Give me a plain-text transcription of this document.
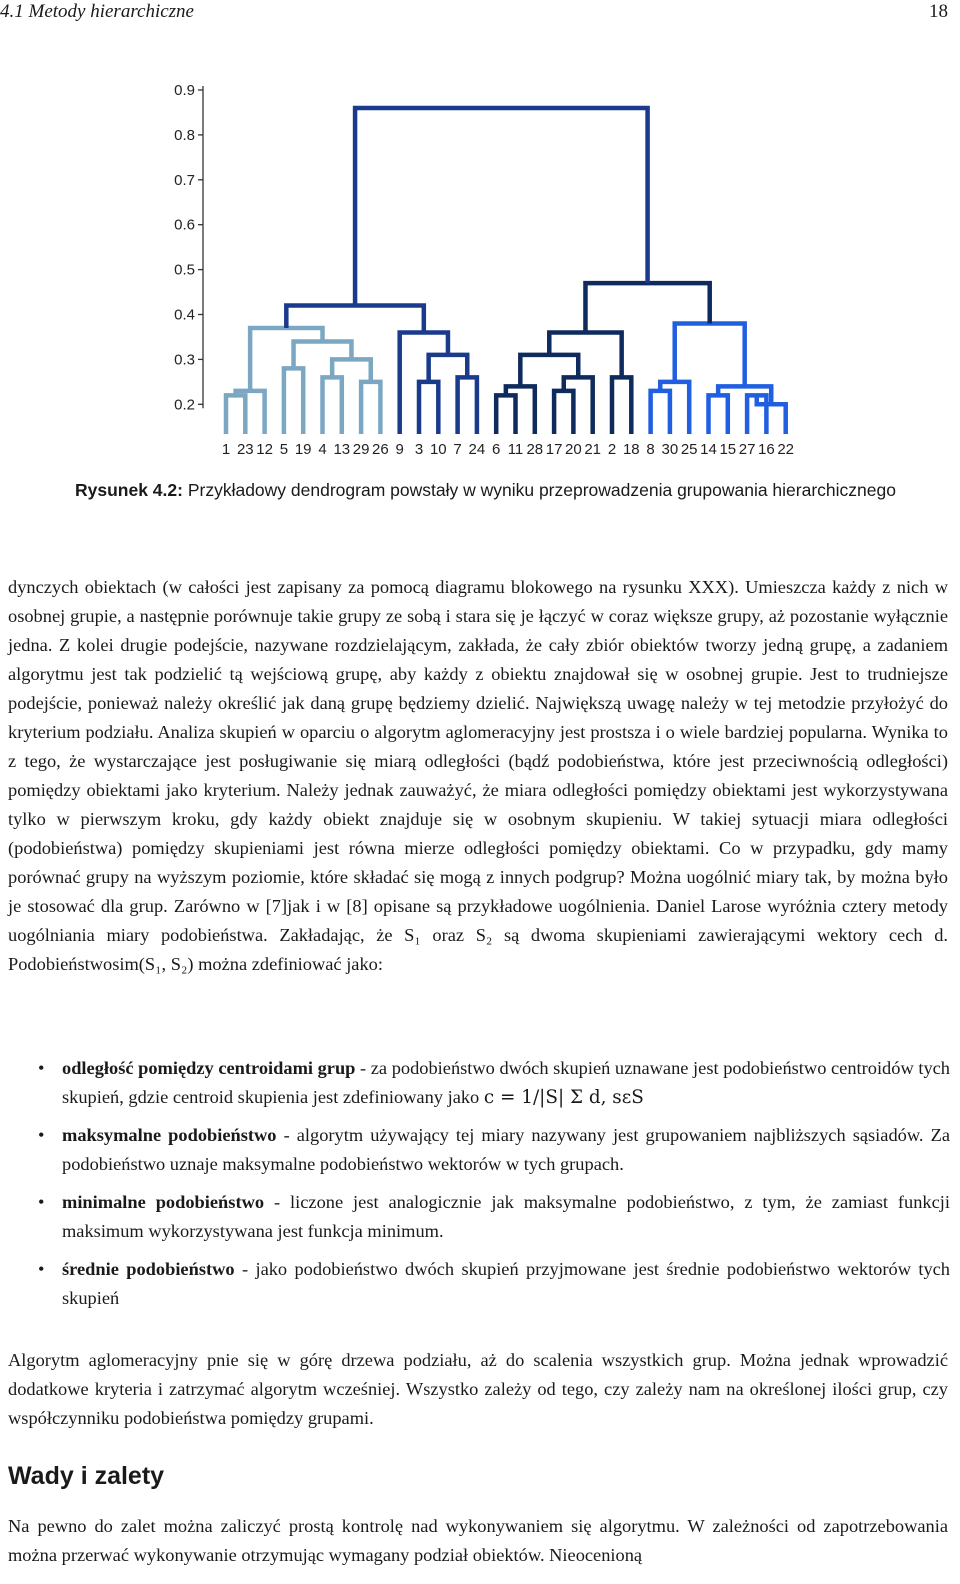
4.1 Metody hierarchiczne	18
0.9
0.8
0.7
0.6
0.5
0.4
0.3
0.2
1 23 12 5 19 4 13 29 26 9 3 10 7 24 6 11 28 17 20 21 2 18 8 30 25 14 15 27 16 22
Rysunek 4.2: Przykładowy dendrogram powstały w wyniku przeprowadzenia grupowania hierarchicznego
dynczych obiektach (w całości jest zapisany za pomocą diagramu blokowego na rysunku XXX). Umieszcza każdy z nich w osobnej grupie, a następnie porównuje takie grupy ze sobą i stara się je łączyć w coraz większe grupy, aż pozostanie wyłącznie jedna. Z kolei drugie podejście, nazywane rozdzielającym, zakłada, że cały zbiór obiektów tworzy jedną grupę, a zadaniem algorytmu jest tak podzielić tą wejściową grupę, aby każdy z obiektu znajdował się w osobnej grupie. Jest to trudniejsze podejście, ponieważ należy określić jak daną grupę będziemy dzielić. Największą uwagę należy w tej metodzie przyłożyć do kryterium podziału. Analiza skupień w oparciu o algorytm aglomeracyjny jest prostsza i o wiele bardziej popularna. Wynika to z tego, że wystarczające jest posługiwanie się miarą odległości (bądź podobieństwa, które jest przeciwnością odległości) pomiędzy obiektami jako kryterium. Należy jednak zauważyć, że miara odległości pomiędzy obiektami jest wykorzystywana tylko w pierwszym kroku, gdy każdy obiekt znajduje się w osobnym skupieniu. W takiej sytuacji miara odległości (podobieństwa) pomiędzy skupieniami jest równa mierze odległości pomiędzy obiektami. Co w przypadku, gdy mamy porównać grupy na wyższym poziomie, które składać się mogą z innych podgrup? Można uogólnić miary tak, by można było je stosować dla grup. Zarówno w [7]jak i w [8] opisane są przykładowe uogólnienia. Daniel Larose wyróżnia cztery metody uogólniania miary podobieństwa. Zakładając, że S₁ oraz S₂ są dwoma skupieniami zawierającymi wektory cech d. Podobieństwosim(S₁, S₂) można zdefiniować jako:
• odległość pomiędzy centroidami grup - za podobieństwo dwóch skupień uznawane jest podobieństwo centroidów tych skupień, gdzie centroid skupienia jest zdefiniowany jako c = 1/|S| Σ d, sεS
• maksymalne podobieństwo - algorytm używający tej miary nazywany jest grupowaniem najbliższych sąsiadów. Za podobieństwo uznaje maksymalne podobieństwo wektorów w tych grupach.
• minimalne podobieństwo - liczone jest analogicznie jak maksymalne podobieństwo, z tym, że zamiast funkcji maksimum wykorzystywana jest funkcja minimum.
• średnie podobieństwo - jako podobieństwo dwóch skupień przyjmowane jest średnie podobieństwo wektorów tych skupień
Algorytm aglomeracyjny pnie się w górę drzewa podziału, aż do scalenia wszystkich grup. Można jednak wprowadzić dodatkowe kryteria i zatrzymać algorytm wcześniej. Wszystko zależy od tego, czy zależy nam na określonej ilości grup, czy współczynniku podobieństwa pomiędzy grupami.
Wady i zalety
Na pewno do zalet można zaliczyć prostą kontrolę nad wykonywaniem się algorytmu. W zależności od zapotrzebowania można przerwać wykonywanie otrzymując wymagany podział obiektów. Nieocenioną
